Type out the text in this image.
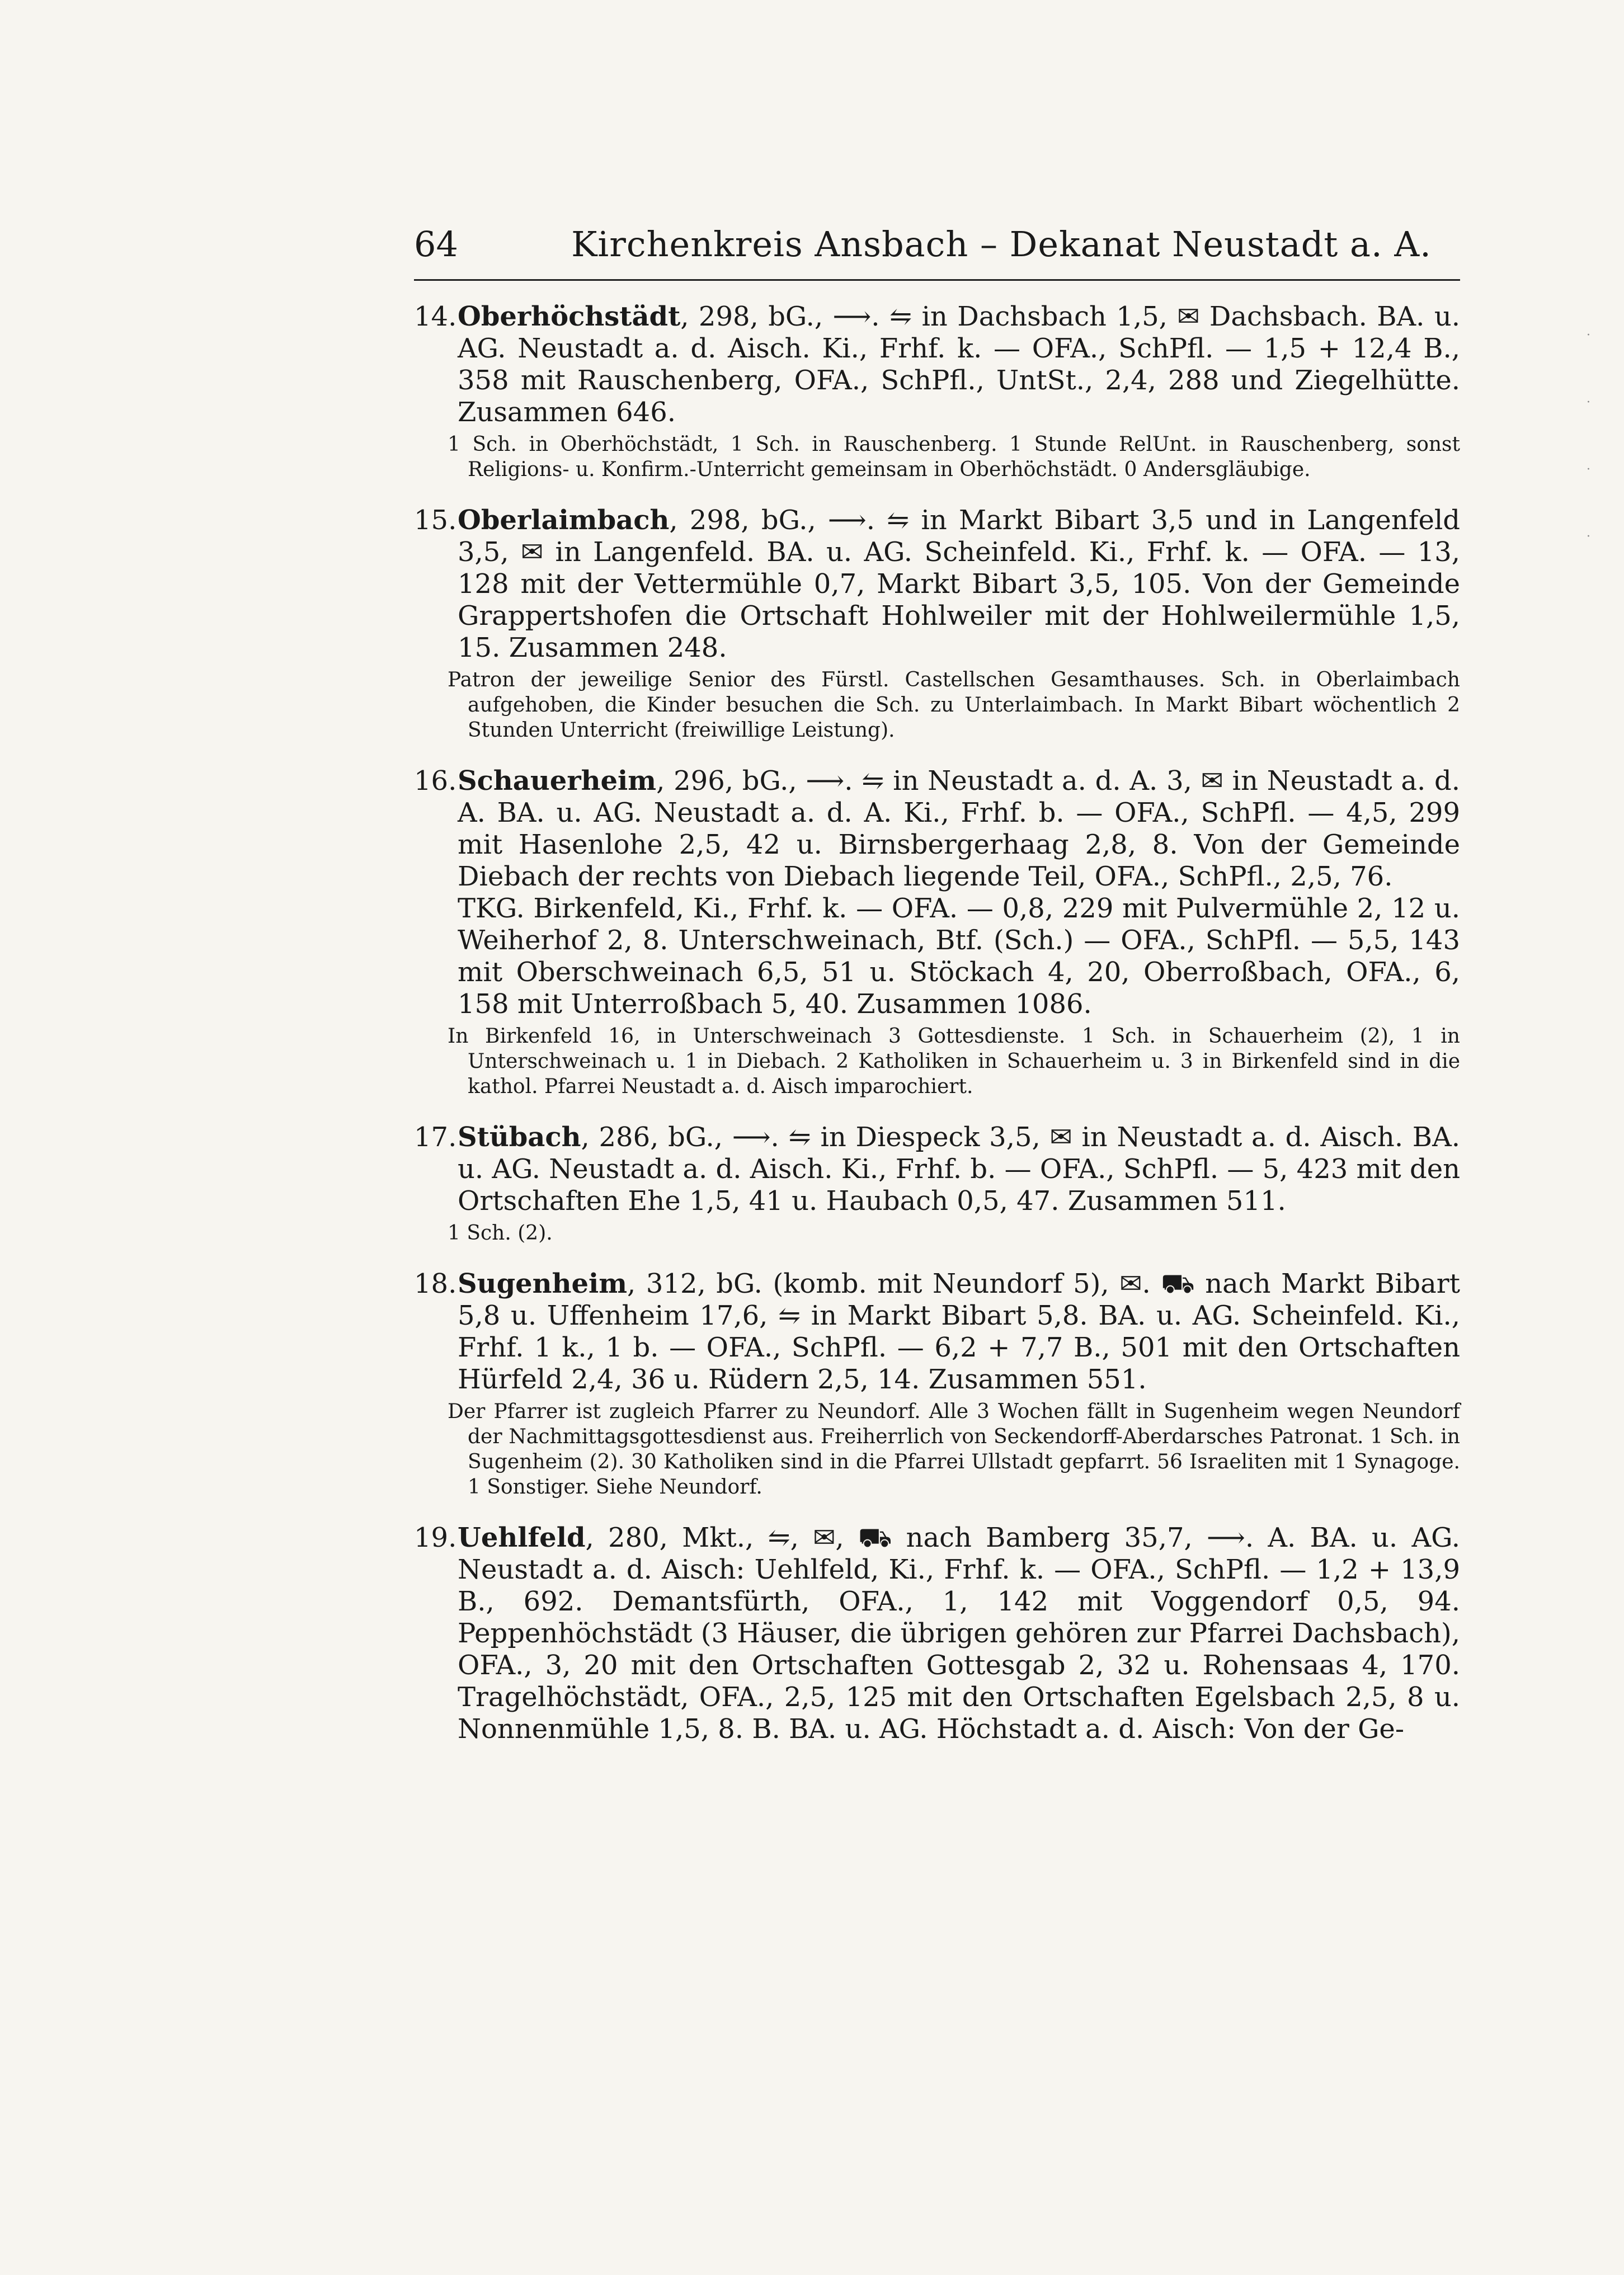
64	Kirchenkreis Ansbach – Dekanat Neustadt a. A.
14.Oberhöchstädt, 298, bG., ⟶. ⇋ in Dachsbach 1,5, ✉ Dachsbach. BA. u. AG. Neustadt a. d. Aisch. Ki., Frhf. k. — OFA., SchPfl. — 1,5 + 12,4 B., 358 mit Rauschenberg, OFA., SchPfl., UntSt., 2,4, 288 und Ziegelhütte. Zusammen 646.
1 Sch. in Oberhöchstädt, 1 Sch. in Rauschenberg. 1 Stunde RelUnt. in Rauschenberg, sonst Religions- u. Konfirm.-Unterricht gemeinsam in Oberhöchstädt. 0 Andersgläubige.
15.Oberlaimbach, 298, bG., ⟶. ⇋ in Markt Bibart 3,5 und in Langenfeld 3,5, ✉ in Langenfeld. BA. u. AG. Scheinfeld. Ki., Frhf. k. — OFA. — 13, 128 mit der Vettermühle 0,7, Markt Bibart 3,5, 105. Von der Gemeinde Grappertshofen die Ortschaft Hohlweiler mit der Hohlweilermühle 1,5, 15. Zusammen 248.
Patron der jeweilige Senior des Fürstl. Castellschen Gesamthauses. Sch. in Oberlaimbach aufgehoben, die Kinder besuchen die Sch. zu Unterlaimbach. In Markt Bibart wöchentlich 2 Stunden Unterricht (freiwillige Leistung).
16.Schauerheim, 296, bG., ⟶. ⇋ in Neustadt a. d. A. 3, ✉ in Neustadt a. d. A. BA. u. AG. Neustadt a. d. A. Ki., Frhf. b. — OFA., SchPfl. — 4,5, 299 mit Hasenlohe 2,5, 42 u. Birnsbergerhaag 2,8, 8. Von der Gemeinde Diebach der rechts von Diebach liegende Teil, OFA., SchPfl., 2,5, 76.
TKG. Birkenfeld, Ki., Frhf. k. — OFA. — 0,8, 229 mit Pulvermühle 2, 12 u. Weiherhof 2, 8. Unterschweinach, Btf. (Sch.) — OFA., SchPfl. — 5,5, 143 mit Oberschweinach 6,5, 51 u. Stöckach 4, 20, Oberroßbach, OFA., 6, 158 mit Unterroßbach 5, 40. Zusammen 1086.
In Birkenfeld 16, in Unterschweinach 3 Gottesdienste. 1 Sch. in Schauerheim (2), 1 in Unterschweinach u. 1 in Diebach. 2 Katholiken in Schauerheim u. 3 in Birkenfeld sind in die kathol. Pfarrei Neustadt a. d. Aisch imparochiert.
17.Stübach, 286, bG., ⟶. ⇋ in Diespeck 3,5, ✉ in Neustadt a. d. Aisch. BA. u. AG. Neustadt a. d. Aisch. Ki., Frhf. b. — OFA., SchPfl. — 5, 423 mit den Ortschaften Ehe 1,5, 41 u. Haubach 0,5, 47. Zusammen 511.
1 Sch. (2).
18.Sugenheim, 312, bG. (komb. mit Neundorf 5), ✉. ⛟ nach Markt Bibart 5,8 u. Uffenheim 17,6, ⇋ in Markt Bibart 5,8. BA. u. AG. Scheinfeld. Ki., Frhf. 1 k., 1 b. — OFA., SchPfl. — 6,2 + 7,7 B., 501 mit den Ortschaften Hürfeld 2,4, 36 u. Rüdern 2,5, 14. Zusammen 551.
Der Pfarrer ist zugleich Pfarrer zu Neundorf. Alle 3 Wochen fällt in Sugenheim wegen Neundorf der Nachmittagsgottesdienst aus. Freiherrlich von Seckendorff-Aberdarsches Patronat. 1 Sch. in Sugenheim (2). 30 Katholiken sind in die Pfarrei Ullstadt gepfarrt. 56 Israeliten mit 1 Synagoge. 1 Sonstiger. Siehe Neundorf.
19.Uehlfeld, 280, Mkt., ⇋, ✉, ⛟ nach Bamberg 35,7, ⟶. A. BA. u. AG. Neustadt a. d. Aisch: Uehlfeld, Ki., Frhf. k. — OFA., SchPfl. — 1,2 + 13,9 B., 692. Demantsfürth, OFA., 1, 142 mit Voggendorf 0,5, 94. Peppenhöchstädt (3 Häuser, die übrigen gehören zur Pfarrei Dachsbach), OFA., 3, 20 mit den Ortschaften Gottesgab 2, 32 u. Rohensaas 4, 170. Tragelhöchstädt, OFA., 2,5, 125 mit den Ortschaften Egelsbach 2,5, 8 u. Nonnenmühle 1,5, 8. B. BA. u. AG. Höchstadt a. d. Aisch: Von der Ge-
·
·
·
·
